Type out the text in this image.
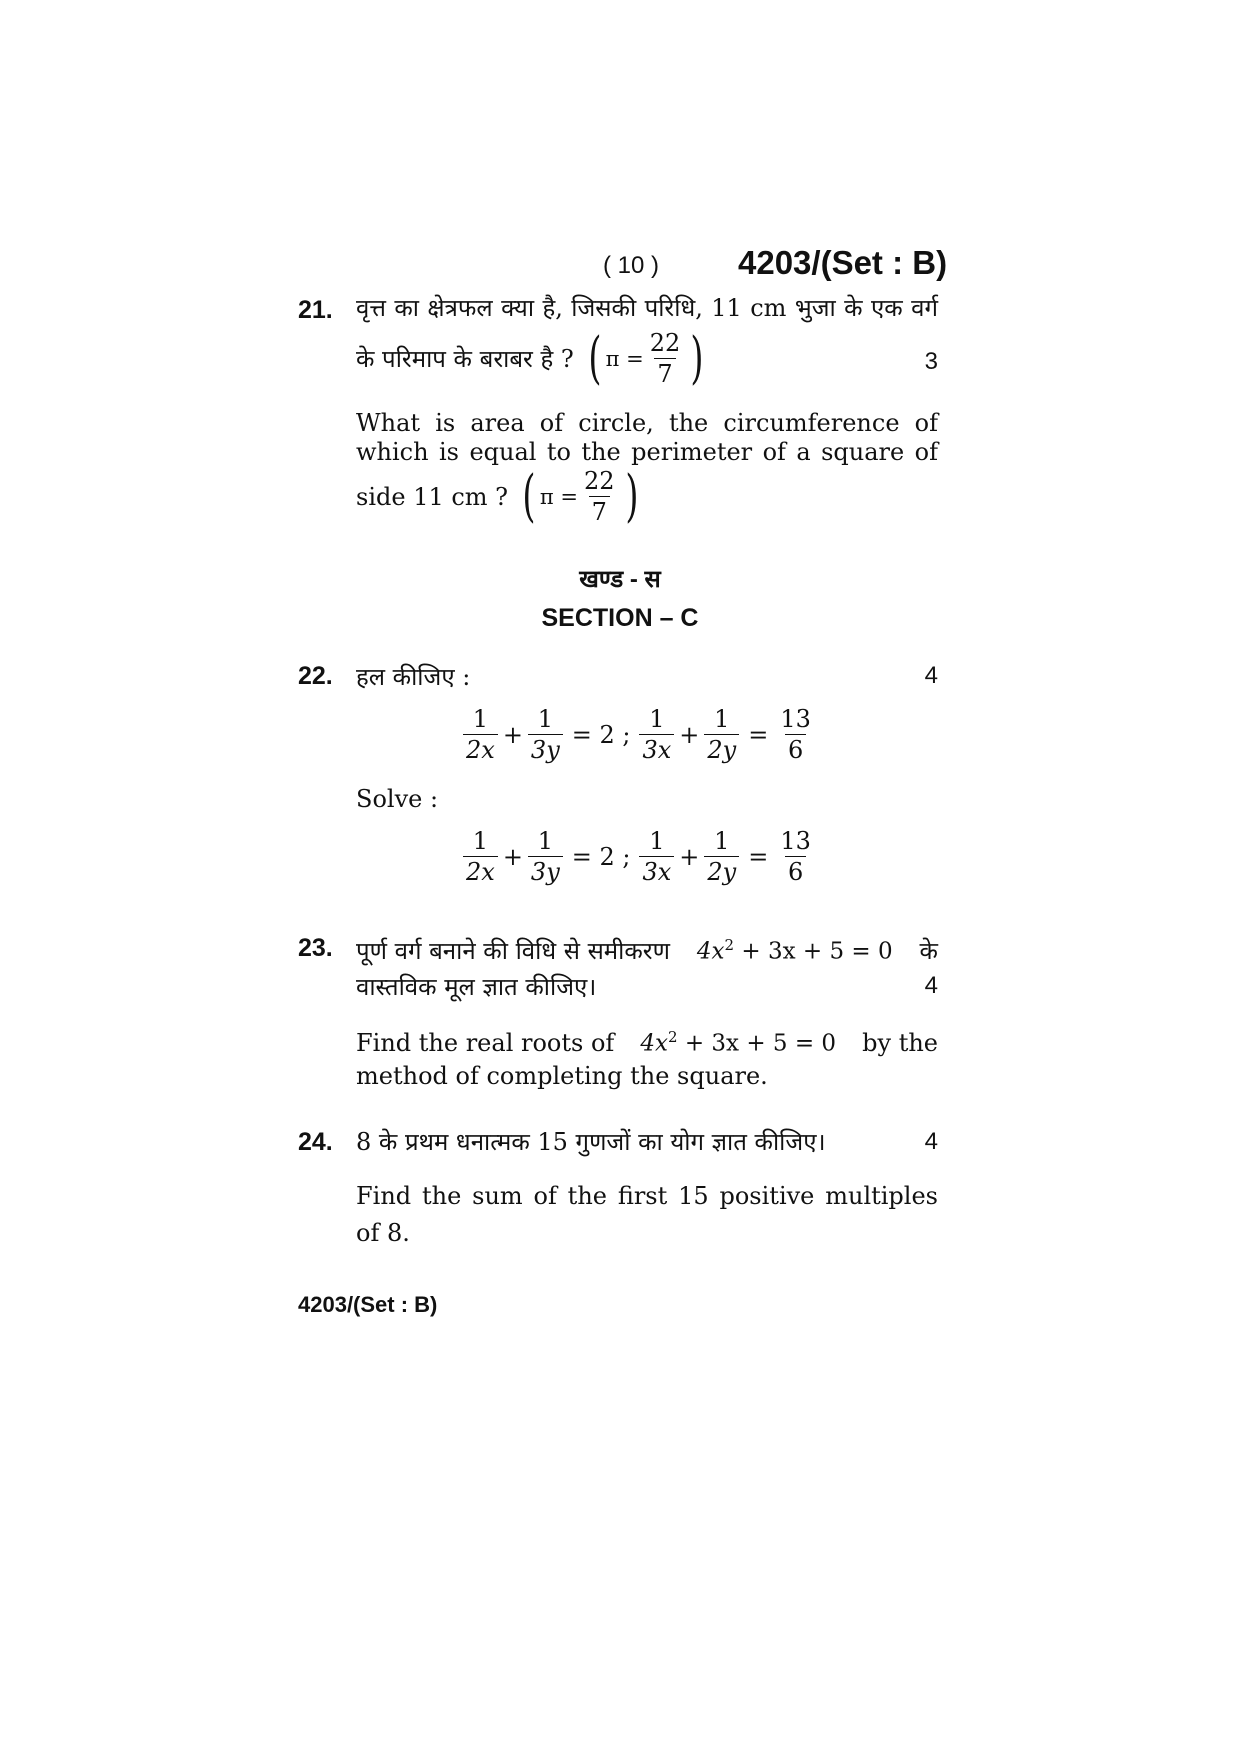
( 10 ) 4203/(Set : B)
21. वृत्त का क्षेत्रफल क्या है, जिसकी परिधि, 11 cm भुजा के एक वर्ग
के परिमाप के बराबर है ? ( $\pi = \frac{22}{7}$ )	3
What is area of circle, the circumference of
which is equal to the perimeter of a square of
side 11 cm ? ( $\pi = \frac{22}{7}$ )
खण्ड - स
SECTION – C
22. हल कीजिए :	4
$\frac{1}{2x} + \frac{1}{3y} = 2$ ; $\frac{1}{3x} + \frac{1}{2y} = \frac{13}{6}$
Solve :
$\frac{1}{2x} + \frac{1}{3y} = 2$ ; $\frac{1}{3x} + \frac{1}{2y} = \frac{13}{6}$
23. पूर्ण वर्ग बनाने की विधि से समीकरण $4x^2 + 3x + 5 = 0$ के
वास्तविक मूल ज्ञात कीजिए।	4
Find the real roots of $4x^2 + 3x + 5 = 0$ by the
method of completing the square.
24. 8 के प्रथम धनात्मक 15 गुणजों का योग ज्ञात कीजिए।	4
Find the sum of the first 15 positive multiples
of 8.
4203/(Set : B)
